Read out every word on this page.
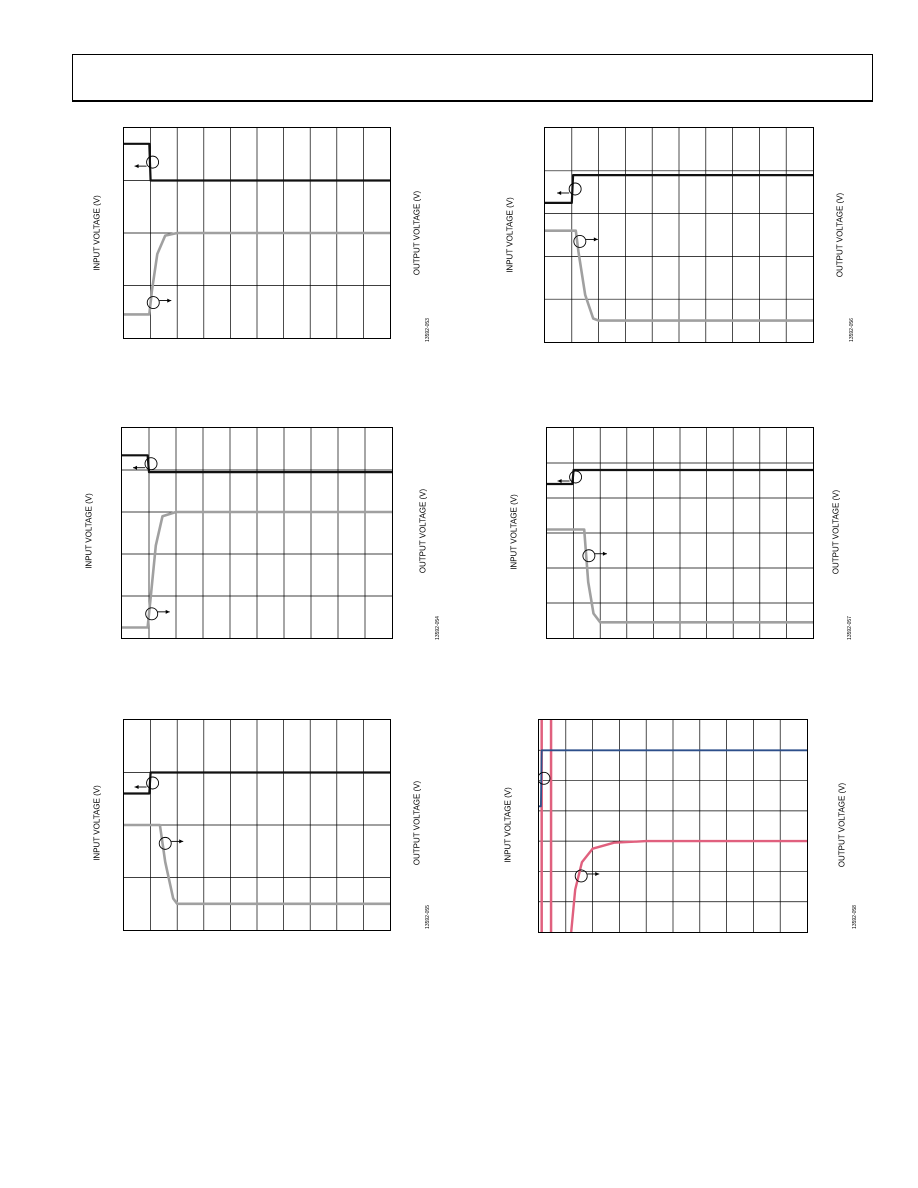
INPUT VOLTAGE (V)	OUTPUT VOLTAGE (V)
13592-053
INPUT VOLTAGE (V)	OUTPUT VOLTAGE (V)
13592-056
INPUT VOLTAGE (V)	OUTPUT VOLTAGE (V)
13592-054
INPUT VOLTAGE (V)	OUTPUT VOLTAGE (V)
13592-057
INPUT VOLTAGE (V)	OUTPUT VOLTAGE (V)
13592-055
INPUT VOLTAGE (V)	OUTPUT VOLTAGE (V)
13592-058
